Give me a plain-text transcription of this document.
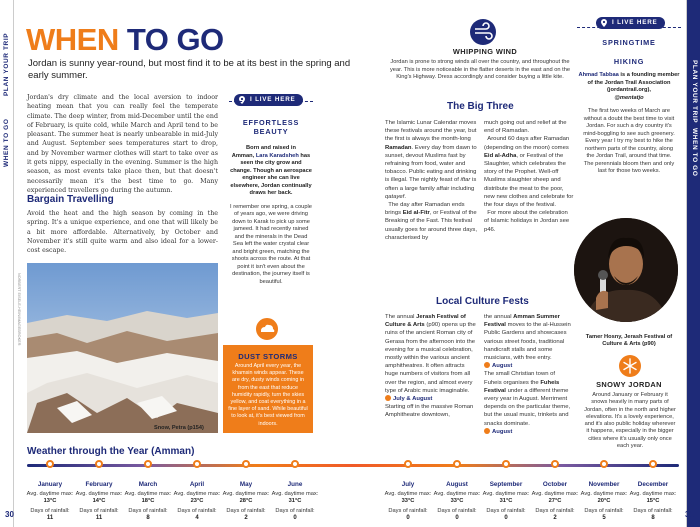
WHEN TO GO
PLAN YOUR TRIP	PLAN YOUR TRIP
WHEN TO GO
30	31
WHEN TO GO
Jordan is sunny year-round, but most find it to be at its best in the spring and early summer.
Jordan's dry climate and the local aversion to indoor heating mean that you can really feel the temperate climate. The deep winter, from mid-December until the end of February, is quite cold, while March and April tend to be pleasant. The summer heat is nearly unbearable in mid-July and August. September sees temperatures start to drop, and by November warmer clothes will start to take over as it gets nippy, especially in the evening. Summer is the high season, as most events take place then, but that doesn't necessarily mean it's the best time to go. Many experienced travellers go during the autumn.
Bargain Travelling
Avoid the heat and the high season by coming in the spring. It's a unique experience, and one that will likely be a bit more affordable. Alternatively, by October and November it's still quite warm and also ideal for a lower-cost escape.
Snow, Petra (p154)
NORBERT EISELE-HEIN/IMAGEBROKER
I LIVE HERE
EFFORTLESS
BEAUTY
Born and raised in
Amman, Lara Karadsheh has seen the city grow and change. Though an aerospace engineer she can live elsewhere, Jordan continually draws her back.
I remember one spring, a couple of years ago, we were driving down to Karak to pick up some jameed. It had recently rained and the minerals in the Dead Sea left the water crystal clear and bright green, matching the shoots across the route. At that point it isn't even about the destination, the journey itself is beautiful.
DUST STORMS
Around April every year, the khamsin winds appear. These are dry, dusty winds coming in from the east that reduce humidity rapidly, turn the skies yellow, and coat everything in a fine layer of sand. While beautiful to look at, it's best viewed from indoors.
WHIPPING WIND
Jordan is prone to strong winds all over the country, and throughout the year. This is more noticeable in the flatter deserts in the east and on the King's Highway. Dress accordingly and consider buying a little kite.
The Big Three
The Islamic Lunar Calendar moves these festivals around the year, but the first is always the month-long Ramadan. Every day from dawn to sunset, devout Muslims fast by refraining from food, water and tobacco. Public eating and drinking is illegal. The nightly feast of iftar is often a large family affair including qatayef.
The day after Ramadan ends brings Eid al-Fitr, or Festival of the Breaking of the Fast. This festival usually goes for around three days, characterised by
much going out and relief at the end of Ramadan.
Around 60 days after Ramadan (depending on the moon) comes Eid al-Adha, or Festival of the Slaughter, which celebrates the story of the Prophet. Well-off Muslims slaughter sheep and distribute the meat to the poor, new new clothes and celebrate for the four days of the festival.
For more about the celebration of Islamic holidays in Jordan see p46.
Local Culture Fests
The annual Jerash Festival of Culture & Arts (p90) opens up the ruins of the ancient Roman city of Gerasa from the afternoon into the evening for a musical celebration, mostly within the various ancient amphitheatres. It often attracts huge numbers of visitors from all over the region, and almost every type of Arabic music imaginable.
July & August
Starting off in the massive Roman Amphitheatre downtown,
the annual Amman Summer Festival moves to the al-Hussein Public Gardens and showcases various street foods, traditional handicraft stalls and some musicians, with free entry.
August
The small Christian town of Fuheis organises the Fuheis Festival under a different theme every year in August. Merriment depends on the particular theme, but the usual music, trinkets and snacks dominate.
August
I LIVE HERE
SPRINGTIME
HIKING
Ahmad Tabbaa is a founding member of the Jordan Trail Association (jordantrail.org),
@mentatjo
The first two weeks of March are without a doubt the best time to visit Jordan. For such a dry country it's mind-boggling to see such greenery. Every year I try my best to hike the northern parts of the country, along the Jordan Trail, around that time. The perennials bloom then and only last for those two weeks.
Tamer Hosny, Jerash Festival of Culture & Arts (p90)
SNOWY JORDAN
Around January or February it snows heavily in many parts of Jordan, often in the north and higher elevations. It's a lovely experience, and it's also public holiday wherever it happens, especially in the bigger cities where it's usually only once each year.
Weather through the Year (Amman)
January
Avg. daytime max: 13°C
Days of rainfall:
11
February
Avg. daytime max: 14°C
Days of rainfall:
11
March
Avg. daytime max: 18°C
Days of rainfall:
8
April
Avg. daytime max: 23°C
Days of rainfall:
4
May
Avg. daytime max: 28°C
Days of rainfall:
2
June
Avg. daytime max: 31°C
Days of rainfall:
0
July
Avg. daytime max: 33°C
Days of rainfall:
0
August
Avg. daytime max: 33°C
Days of rainfall:
0
September
Avg. daytime max: 31°C
Days of rainfall:
0
October
Avg. daytime max: 27°C
Days of rainfall:
2
November
Avg. daytime max: 20°C
Days of rainfall:
5
December
Avg. daytime max: 15°C
Days of rainfall:
8
